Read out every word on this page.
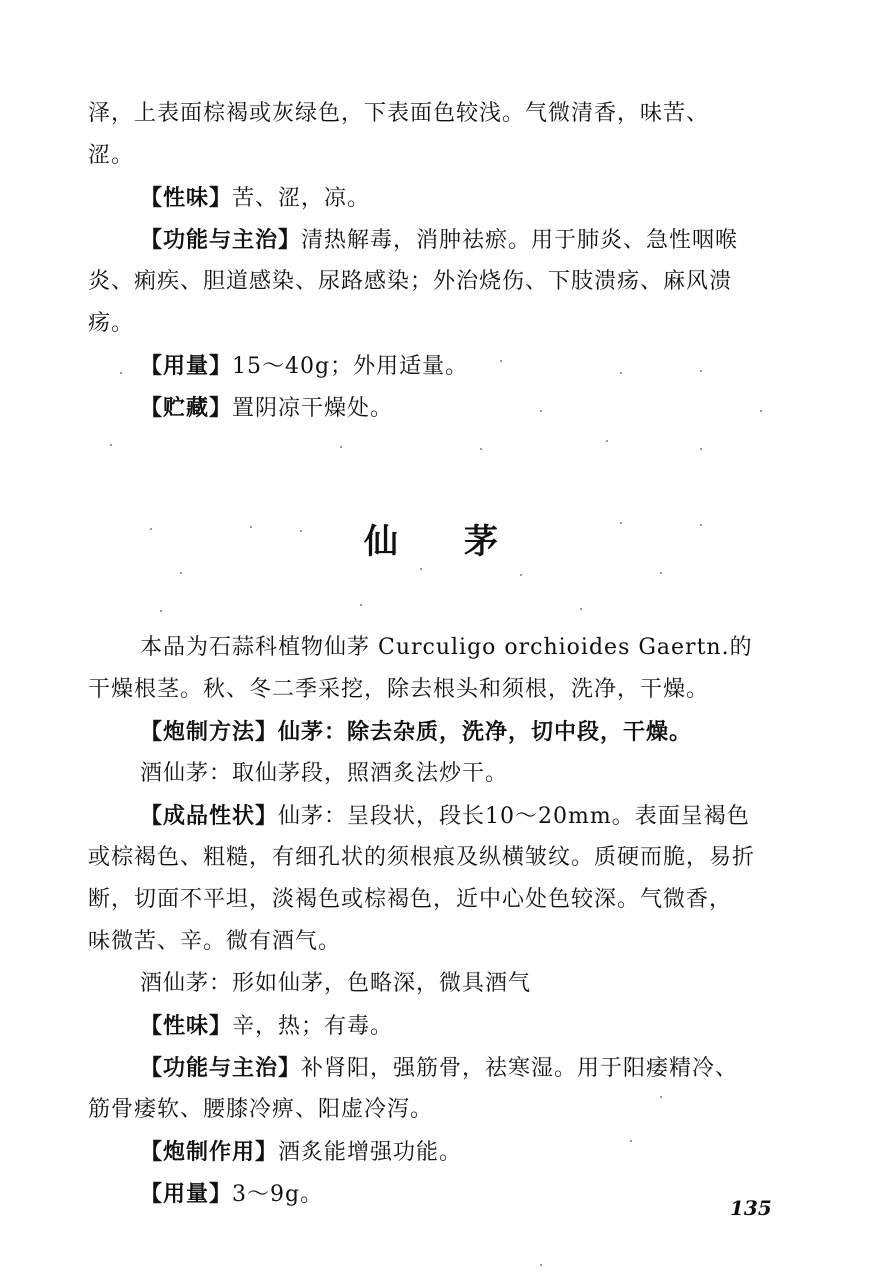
泽，上表面棕褐或灰绿色，下表面色较浅。气微清香，味苦、
涩。
【性味】苦、涩，凉。
【功能与主治】清热解毒，消肿祛瘀。用于肺炎、急性咽喉
炎、痢疾、胆道感染、尿路感染；外治烧伤、下肢溃疡、麻风溃
疡。
【用量】15～40g；外用适量。
【贮藏】置阴凉干燥处。
仙 茅
本品为石蒜科植物仙茅 Curculigo orchioides Gaertn.的
干燥根茎。秋、冬二季采挖，除去根头和须根，洗净，干燥。
【炮制方法】仙茅：除去杂质，洗净，切中段，干燥。
酒仙茅：取仙茅段，照酒炙法炒干。
【成品性状】仙茅：呈段状，段长10～20mm。表面呈褐色
或棕褐色、粗糙，有细孔状的须根痕及纵横皱纹。质硬而脆，易折
断，切面不平坦，淡褐色或棕褐色，近中心处色较深。气微香，
味微苦、辛。微有酒气。
酒仙茅：形如仙茅，色略深，微具酒气
【性味】辛，热；有毒。
【功能与主治】补肾阳，强筋骨，祛寒湿。用于阳痿精冷、
筋骨痿软、腰膝冷痹、阳虚冷泻。
【炮制作用】酒炙能增强功能。
【用量】3～9g。
135
